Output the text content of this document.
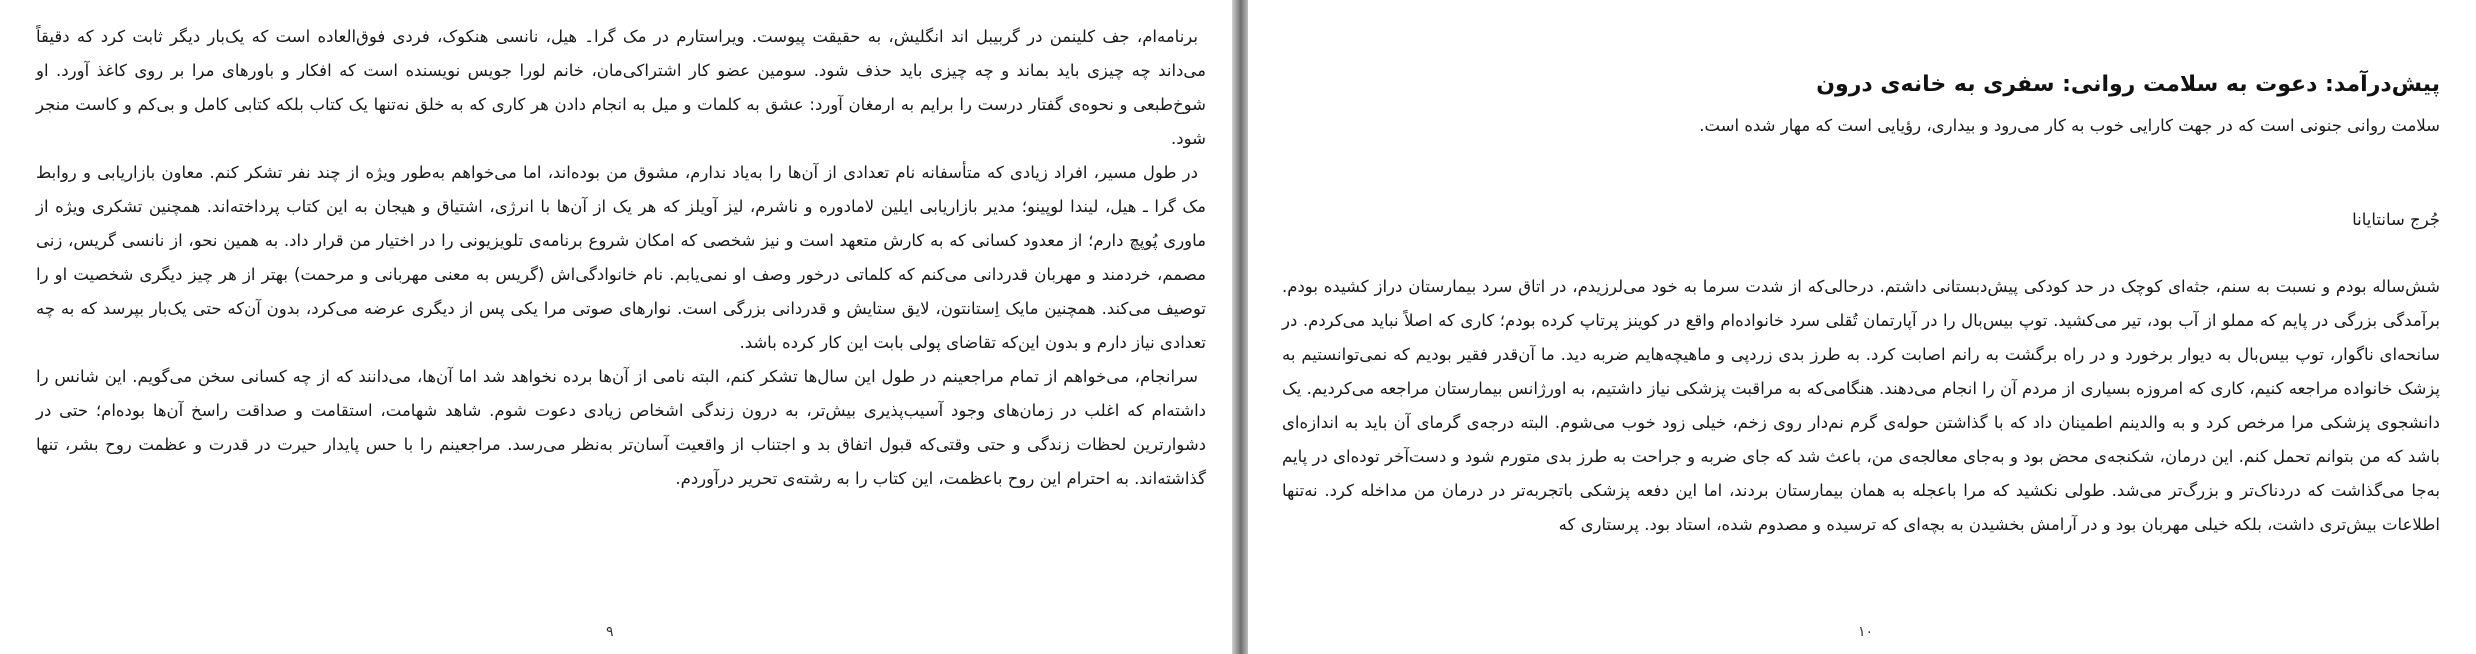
برنامه‌ام، جف کلینمن در گربیبل اند انگلیش، به حقیقت پیوست. ویراستارم در مک گرا۔ هیل، نانسی هنکوک، فردی فوق‌العاده است که یک‌بار دیگر ثابت کرد که دقیقاً می‌داند چه چیزی باید بماند و چه چیزی باید حذف شود. سومین عضو کار اشتراکی‌مان، خانم لورا جویس نویسنده است که افکار و باورهای مرا بر روی کاغذ آورد. او شوخ‌طبعی و نحوه‌ی گفتار درست را برایم به ارمغان آورد: عشق به کلمات و میل به انجام دادن هر کاری که به خلق نه‌تنها یک کتاب بلکه کتابی کامل و بی‌کم و کاست منجر شود.

در طول مسیر، افراد زیادی که متأسفانه نام تعدادی از آن‌ها را به‌یاد ندارم، مشوق من بوده‌اند، اما می‌خواهم به‌طور ویژه از چند نفر تشکر کنم. معاون بازاریابی و روابط مک گرا ـ هیل، لیندا لوپینو؛ مدیر بازاریابی ایلین لامادوره و ناشرم، لیز آویلز که هر یک از آن‌ها با انرژی، اشتیاق و هیجان به این کتاب پرداخته‌اند. همچنین تشکری ویژه از ماوری پُوپچ دارم؛ از معدود کسانی که به کارش متعهد است و نیز شخصی که امکان شروع برنامه‌ی تلویزیونی را در اختیار من قرار داد. به همین نحو، از نانسی گریس، زنی مصمم، خردمند و مهربان قدردانی می‌کنم که کلماتی درخور وصف او نمی‌یابم. نام خانوادگی‌اش (گریس به معنی مهربانی و مرحمت) بهتر از هر چیز دیگری شخصیت او را توصیف می‌کند. همچنین مایک اِستانتون، لایق ستایش و قدردانی بزرگی است. نوارهای صوتی مرا یکی پس از دیگری عرضه می‌کرد، بدون آن‌که حتی یک‌بار بپرسد که به چه تعدادی نیاز دارم و بدون این‌که تقاضای پولی بابت این کار کرده باشد.

سرانجام، می‌خواهم از تمام مراجعینم در طول این سال‌ها تشکر کنم، البته نامی از آن‌ها برده نخواهد شد اما آن‌ها، می‌دانند که از چه کسانی سخن می‌گویم. این شانس را داشته‌ام که اغلب در زمان‌های وجود آسیب‌پذیری بیش‌تر، به درون زندگی اشخاص زیادی دعوت شوم. شاهد شهامت، استقامت و صداقت راسخ آن‌ها بوده‌ام؛ حتی در دشوارترین لحظات زندگی و حتی وقتی‌که قبول اتفاق بد و اجتناب از واقعیت آسان‌تر به‌نظر می‌رسد. مراجعینم را با حس پایدار حیرت در قدرت و عظمت روح بشر، تنها گذاشته‌اند. به احترام این روح باعظمت، این کتاب را به رشته‌ی تحریر درآوردم.

۹
پیش‌درآمد: دعوت به سلامت روانی: سفری به خانه‌ی درون

سلامت روانی جنونی است که در جهت کارایی خوب به کار می‌رود و بیداری، رؤیایی است که مهار شده است.

جُرج سانتایانا

شش‌ساله بودم و نسبت به سنم، جثه‌ای کوچک در حد کودکی پیش‌دبستانی داشتم. درحالی‌که از شدت سرما به خود می‌لرزیدم، در اتاق سرد بیمارستان دراز کشیده بودم. برآمدگی بزرگی در پایم که مملو از آب بود، تیر می‌کشید. توپ بیس‌بال را در آپارتمان تُقلی سرد خانواده‌ام واقع در کوینز پرتاپ کرده بودم؛ کاری که اصلاً نباید می‌کردم. در سانحه‌ای ناگوار، توپ بیس‌بال به دیوار برخورد و در راه برگشت به رانم اصابت کرد. به طرز بدی زردپی و ماهیچه‌هایم ضربه دید. ما آن‌قدر فقیر بودیم که نمی‌توانستیم به پزشک خانواده مراجعه کنیم، کاری که امروزه بسیاری از مردم آن را انجام می‌دهند. هنگامی‌که به مراقبت پزشکی نیاز داشتیم، به اورژانس بیمارستان مراجعه می‌کردیم. یک دانشجوی پزشکی مرا مرخص کرد و به والدینم اطمینان داد که با گذاشتن حوله‌ی گرم نم‌دار روی زخم، خیلی زود خوب می‌شوم. البته درجه‌ی گرمای آن باید به اندازه‌ای باشد که من بتوانم تحمل کنم. این درمان، شکنجه‌ی محض بود و به‌جای معالجه‌ی من، باعث شد که جای ضربه و جراحت به طرز بدی متورم شود و دست‌آخر توده‌ای در پایم به‌جا می‌گذاشت که دردناک‌تر و بزرگ‌تر می‌شد. طولی نکشید که مرا باعجله به همان بیمارستان بردند، اما این دفعه پزشکی باتجربه‌تر در درمان من مداخله کرد. نه‌تنها اطلاعات بیش‌تری داشت، بلکه خیلی مهربان بود و در آرامش بخشیدن به بچه‌ای که ترسیده و مصدوم شده، استاد بود. پرستاری که

۱۰
